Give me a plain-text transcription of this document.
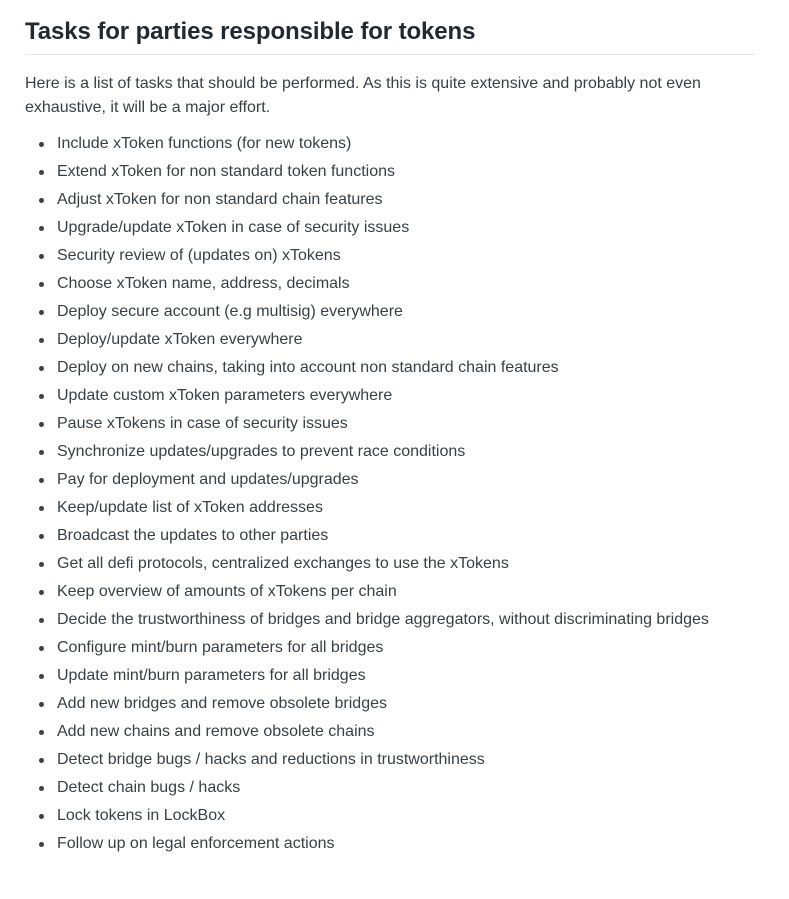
Tasks for parties responsible for tokens

Here is a list of tasks that should be performed. As this is quite extensive and probably not even exhaustive, it will be a major effort.

Include xToken functions (for new tokens)
Extend xToken for non standard token functions
Adjust xToken for non standard chain features
Upgrade/update xToken in case of security issues
Security review of (updates on) xTokens
Choose xToken name, address, decimals
Deploy secure account (e.g multisig) everywhere
Deploy/update xToken everywhere
Deploy on new chains, taking into account non standard chain features
Update custom xToken parameters everywhere
Pause xTokens in case of security issues
Synchronize updates/upgrades to prevent race conditions
Pay for deployment and updates/upgrades
Keep/update list of xToken addresses
Broadcast the updates to other parties
Get all defi protocols, centralized exchanges to use the xTokens
Keep overview of amounts of xTokens per chain
Decide the trustworthiness of bridges and bridge aggregators, without discriminating bridges
Configure mint/burn parameters for all bridges
Update mint/burn parameters for all bridges
Add new bridges and remove obsolete bridges
Add new chains and remove obsolete chains
Detect bridge bugs / hacks and reductions in trustworthiness
Detect chain bugs / hacks
Lock tokens in LockBox
Follow up on legal enforcement actions
